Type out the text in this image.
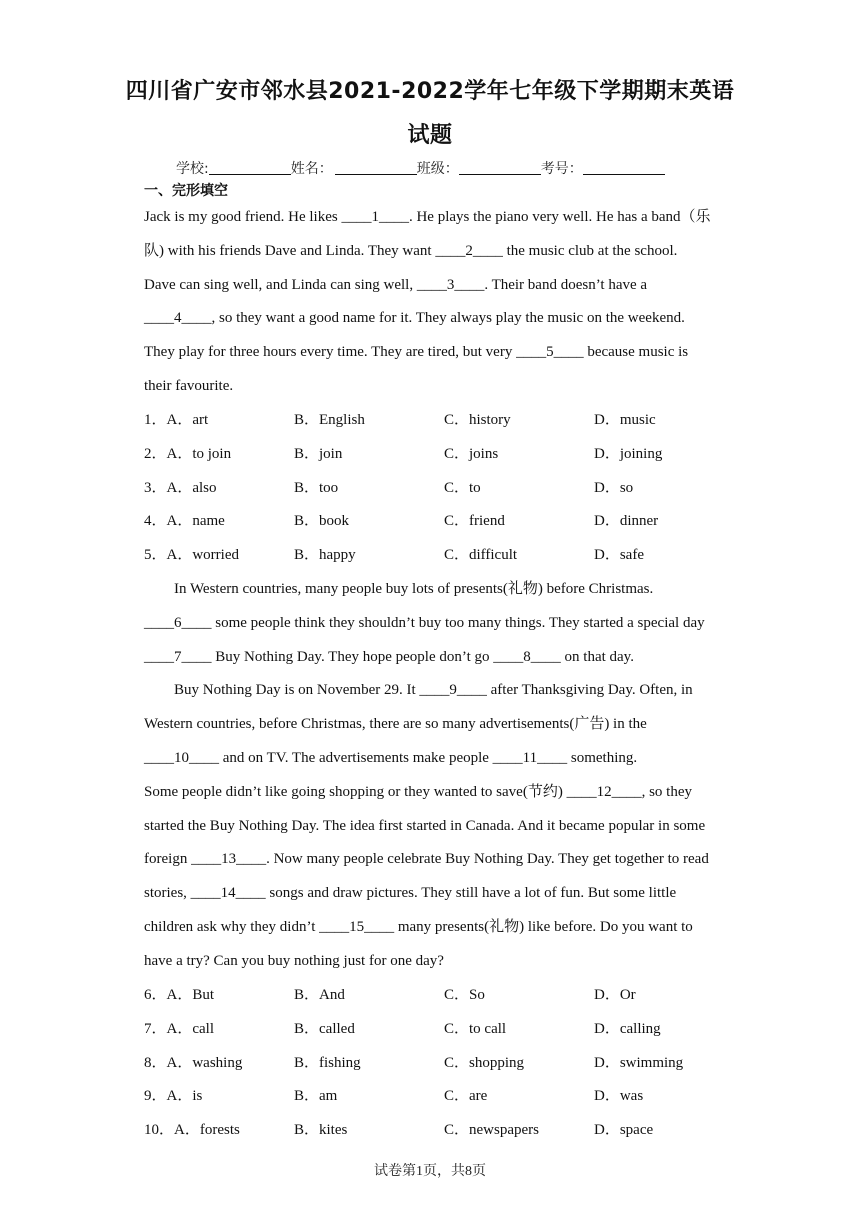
四川省广安市邻水县2021-2022学年七年级下学期期末英语
试题
学校:	姓名：	班级：	考号：
一、完形填空
Jack is my good friend. He likes ____1____. He plays the piano very well. He has a band（乐
队) with his friends Dave and Linda. They want ____2____ the music club at the school.
Dave can sing well, and Linda can sing well, ____3____. Their band doesn’t have a
____4____, so they want a good name for it. They always play the music on the weekend.
They play for three hours every time. They are tired, but very ____5____ because music is
their favourite.
1．A．art	B．English	C．history	D．music
2．A．to join	B．join	C．joins	D．joining
3．A．also	B．too	C．to	D．so
4．A．name	B．book	C．friend	D．dinner
5．A．worried	B．happy	C．difficult	D．safe
In Western countries, many people buy lots of presents(礼物) before Christmas.
____6____ some people think they shouldn’t buy too many things. They started a special day
____7____ Buy Nothing Day. They hope people don’t go ____8____ on that day.
Buy Nothing Day is on November 29. It ____9____ after Thanksgiving Day. Often, in
Western countries, before Christmas, there are so many advertisements(广告) in the
____10____ and on TV. The advertisements make people ____11____ something.
Some people didn’t like going shopping or they wanted to save(节约) ____12____, so they
started the Buy Nothing Day. The idea first started in Canada. And it became popular in some
foreign ____13____. Now many people celebrate Buy Nothing Day. They get together to read
stories, ____14____ songs and draw pictures. They still have a lot of fun. But some little
children ask why they didn’t ____15____ many presents(礼物) like before. Do you want to
have a try? Can you buy nothing just for one day?
6．A．But	B．And	C．So	D．Or
7．A．call	B．called	C．to call	D．calling
8．A．washing	B．fishing	C．shopping	D．swimming
9．A．is	B．am	C．are	D．was
10．A．forests	B．kites	C．newspapers	D．space
试卷第1页，共8页
